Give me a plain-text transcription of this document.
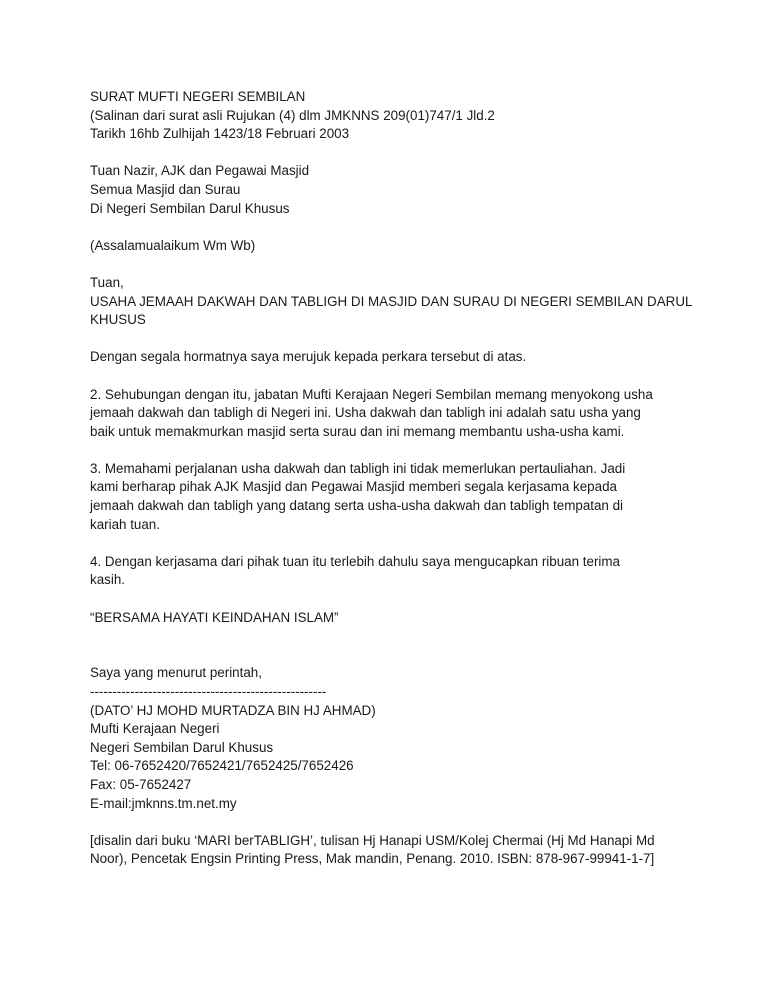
SURAT MUFTI NEGERI SEMBILAN
(Salinan dari surat asli Rujukan (4) dlm JMKNNS 209(01)747/1 Jld.2
Tarikh 16hb Zulhijah 1423/18 Februari 2003
Tuan Nazir, AJK dan Pegawai Masjid
Semua Masjid dan Surau
Di Negeri Sembilan Darul Khusus
(Assalamualaikum Wm Wb)
Tuan,
USAHA JEMAAH DAKWAH DAN TABLIGH DI MASJID DAN SURAU DI NEGERI SEMBILAN DARUL
KHUSUS
Dengan segala hormatnya saya merujuk kepada perkara tersebut di atas.
2. Sehubungan dengan itu, jabatan Mufti Kerajaan Negeri Sembilan memang menyokong usha
jemaah dakwah dan tabligh di Negeri ini. Usha dakwah dan tabligh ini adalah satu usha yang
baik untuk memakmurkan masjid serta surau dan ini memang membantu usha-usha kami.
3. Memahami perjalanan usha dakwah dan tabligh ini tidak memerlukan pertauliahan. Jadi
kami berharap pihak AJK Masjid dan Pegawai Masjid memberi segala kerjasama kepada
jemaah dakwah dan tabligh yang datang serta usha-usha dakwah dan tabligh tempatan di
kariah tuan.
4. Dengan kerjasama dari pihak tuan itu terlebih dahulu saya mengucapkan ribuan terima
kasih.
“BERSAMA HAYATI KEINDAHAN ISLAM”
Saya yang menurut perintah,
-----------------------------------------------------
(DATO’ HJ MOHD MURTADZA BIN HJ AHMAD)
Mufti Kerajaan Negeri
Negeri Sembilan Darul Khusus
Tel: 06-7652420/7652421/7652425/7652426
Fax: 05-7652427
E-mail:jmknns.tm.net.my
[disalin dari buku ‘MARI berTABLIGH’, tulisan Hj Hanapi USM/Kolej Chermai (Hj Md Hanapi Md
Noor), Pencetak Engsin Printing Press, Mak mandin, Penang. 2010. ISBN: 878-967-99941-1-7]
